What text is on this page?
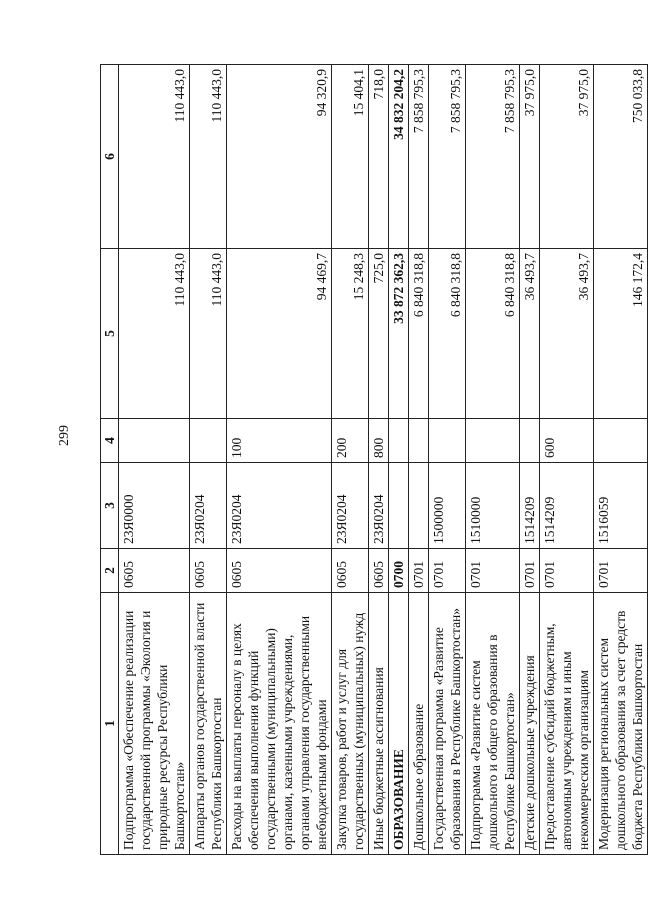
299
1	2	3	4	5	6
Подпрограмма «Обеспечение реализации государственной программы «Экология и природные ресурсы Республики Башкортостан»	0605	23Я0000		110 443,0	110 443,0
Аппараты органов государственной власти Республики Башкортостан	0605	23Я0204		110 443,0	110 443,0
Расходы на выплаты персоналу в целях обеспечения выполнения функций государственными (муниципальными) органами, казенными учреждениями, органами управления государственными внебюджетными фондами	0605	23Я0204	100	94 469,7	94 320,9
Закупка товаров, работ и услуг для государственных (муниципальных) нужд	0605	23Я0204	200	15 248,3	15 404,1
Иные бюджетные ассигнования	0605	23Я0204	800	725,0	718,0
ОБРАЗОВАНИЕ	0700			33 872 362,3	34 832 204,2
Дошкольное образование	0701			6 840 318,8	7 858 795,3
Государственная программа «Развитие образования в Республике Башкортостан»	0701	1500000		6 840 318,8	7 858 795,3
Подпрограмма «Развитие систем дошкольного и общего образования в Республике Башкортостан»	0701	1510000		6 840 318,8	7 858 795,3
Детские дошкольные учреждения	0701	1514209		36 493,7	37 975,0
Предоставление субсидий бюджетным, автономным учреждениям и иным некоммерческим организациям	0701	1514209	600	36 493,7	37 975,0
Модернизация региональных систем дошкольного образования за счет средств бюджета Республики Башкортостан	0701	1516059		146 172,4	750 033,8
